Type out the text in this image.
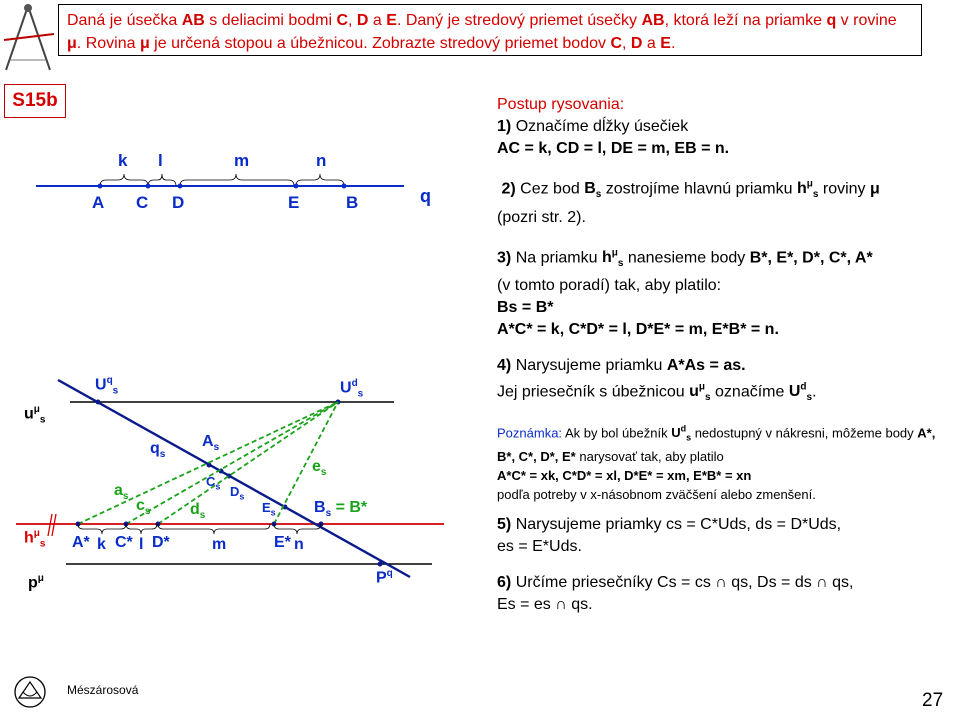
Daná je úsečka AB s deliacimi bodmi C, D a E. Daný je stredový priemet úsečky AB, ktorá leží na priamke q v rovine μ. Rovina μ je určená stopou a úbežnicou. Zobrazte stredový priemet bodov C, D a E.
S15b
k l	m	n
A C D	E	B	q
$U^q_s$	$U^d_s$
$u^\mu_s$
$A_s$
$q_s$
$e_s$
$C_s$ $D_s$
$a_s$
$c_s$ $d_s$
$E_s$ $B_s = B*$
$h^\mu_s$ A* k C* l D*	m	E* n
$p^\mu$	$P^q$

Postup rysovania:

1) Označíme dĺžky úsečiek

AC = k, CD = l, DE = m, EB = n.

2) Cez bod $B_s$ zostrojíme hlavnú priamku $h^\mu_s$ roviny μ

(pozri str. 2).

3) Na priamku $h^\mu_s$ nanesieme body B*, E*, D*, C*, A*

(v tomto poradí) tak, aby platilo:

Bs = B*

A*C* = k, C*D* = l, D*E* = m, E*B* = n.

4) Narysujeme priamku A*As = as.

Jej priesečník s úbežnicou $u^\mu_s$ označíme $U^d_s$.

Poznámka: Ak by bol úbežník $U^d_s$ nedostupný v nákresni, môžeme body A*, B*, C*, D*, E* narysovať tak, aby platilo
A*C* = xk, C*D* = xl, D*E* = xm, E*B* = xn
podľa potreby v x-násobnom zväčšení alebo zmenšení.

5) Narysujeme priamky cs = C*Uds, ds = D*Uds,

es = E*Uds.

6) Určíme priesečníky Cs = cs ∩ qs, Ds = ds ∩ qs,

Es = es ∩ qs.

Mészárosová	27
